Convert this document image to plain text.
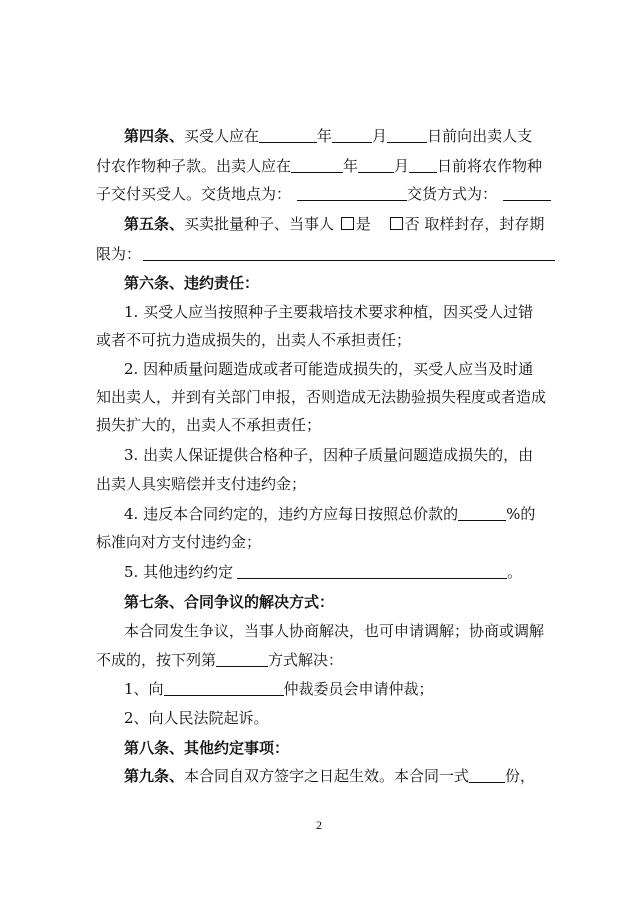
第四条、买受人应在	年	月	日前向出卖人支
付农作物种子款。出卖人应在	年 月 日前将农作物种
子交付买受人。交货地点为：	交货方式为：
第五条、买卖批量种子、当事人 是 否 取样封存，封存期
限为：
第六条、违约责任：
1. 买受人应当按照种子主要栽培技术要求种植，因买受人过错
或者不可抗力造成损失的，出卖人不承担责任；
2. 因种质量问题造成或者可能造成损失的，买受人应当及时通
知出卖人，并到有关部门申报，否则造成无法勘验损失程度或者造成
损失扩大的，出卖人不承担责任；
3. 出卖人保证提供合格种子，因种子质量问题造成损失的，由
出卖人具实赔偿并支付违约金；
4. 违反本合同约定的，违约方应每日按照总价款的	%的
标准向对方支付违约金；
5. 其他违约约定	。
第七条、合同争议的解决方式：
本合同发生争议，当事人协商解决，也可申请调解；协商或调解
不成的，按下列第	方式解决：
1、向	仲裁委员会申请仲裁；
2、向人民法院起诉。
第八条、其他约定事项：
第九条、本合同自双方签字之日起生效。本合同一式 份，
2
